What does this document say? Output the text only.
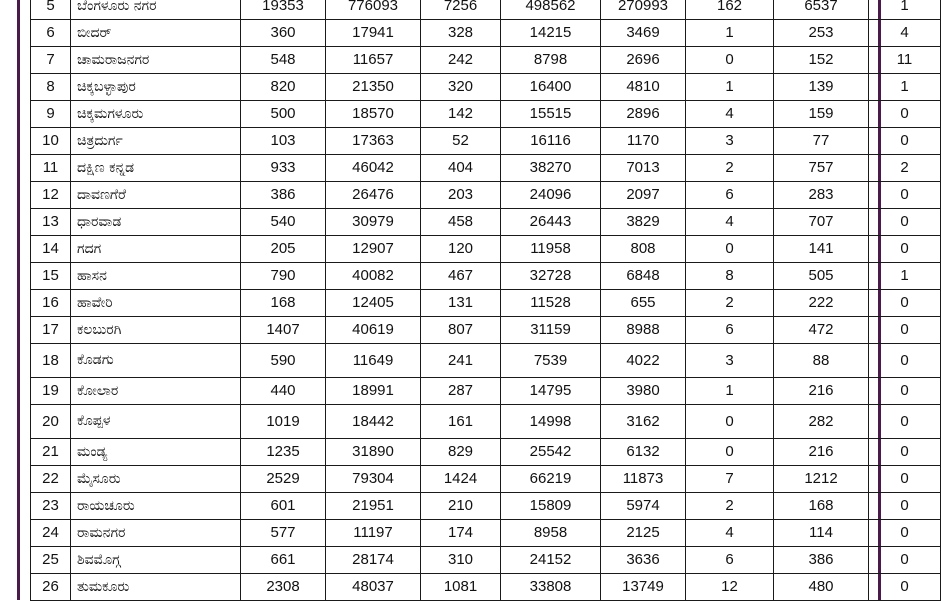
5	ಬೆಂಗಳೂರು ನಗರ	19353	776093	7256	498562	270993	162	6537	1
6	ಬೀದರ್	360	17941	328	14215	3469	1	253	4
7	ಚಾಮರಾಜನಗರ	548	11657	242	8798	2696	0	152	11
8	ಚಿಕ್ಕಬಳ್ಳಾಪುರ	820	21350	320	16400	4810	1	139	1
9	ಚಿಕ್ಕಮಗಳೂರು	500	18570	142	15515	2896	4	159	0
10	ಚಿತ್ರದುರ್ಗ	103	17363	52	16116	1170	3	77	0
11	ದಕ್ಷಿಣ ಕನ್ನಡ	933	46042	404	38270	7013	2	757	2
12	ದಾವಣಗೆರೆ	386	26476	203	24096	2097	6	283	0
13	ಧಾರವಾಡ	540	30979	458	26443	3829	4	707	0
14	ಗದಗ	205	12907	120	11958	808	0	141	0
15	ಹಾಸನ	790	40082	467	32728	6848	8	505	1
16	ಹಾವೇರಿ	168	12405	131	11528	655	2	222	0
17	ಕಲಬುರಗಿ	1407	40619	807	31159	8988	6	472	0
18	ಕೊಡಗು	590	11649	241	7539	4022	3	88	0
19	ಕೋಲಾರ	440	18991	287	14795	3980	1	216	0
20	ಕೊಪ್ಪಳ	1019	18442	161	14998	3162	0	282	0
21	ಮಂಡ್ಯ	1235	31890	829	25542	6132	0	216	0
22	ಮೈಸೂರು	2529	79304	1424	66219	11873	7	1212	0
23	ರಾಯಚೂರು	601	21951	210	15809	5974	2	168	0
24	ರಾಮನಗರ	577	11197	174	8958	2125	4	114	0
25	ಶಿವಮೊಗ್ಗ	661	28174	310	24152	3636	6	386	0
26	ತುಮಕೂರು	2308	48037	1081	33808	13749	12	480	0
